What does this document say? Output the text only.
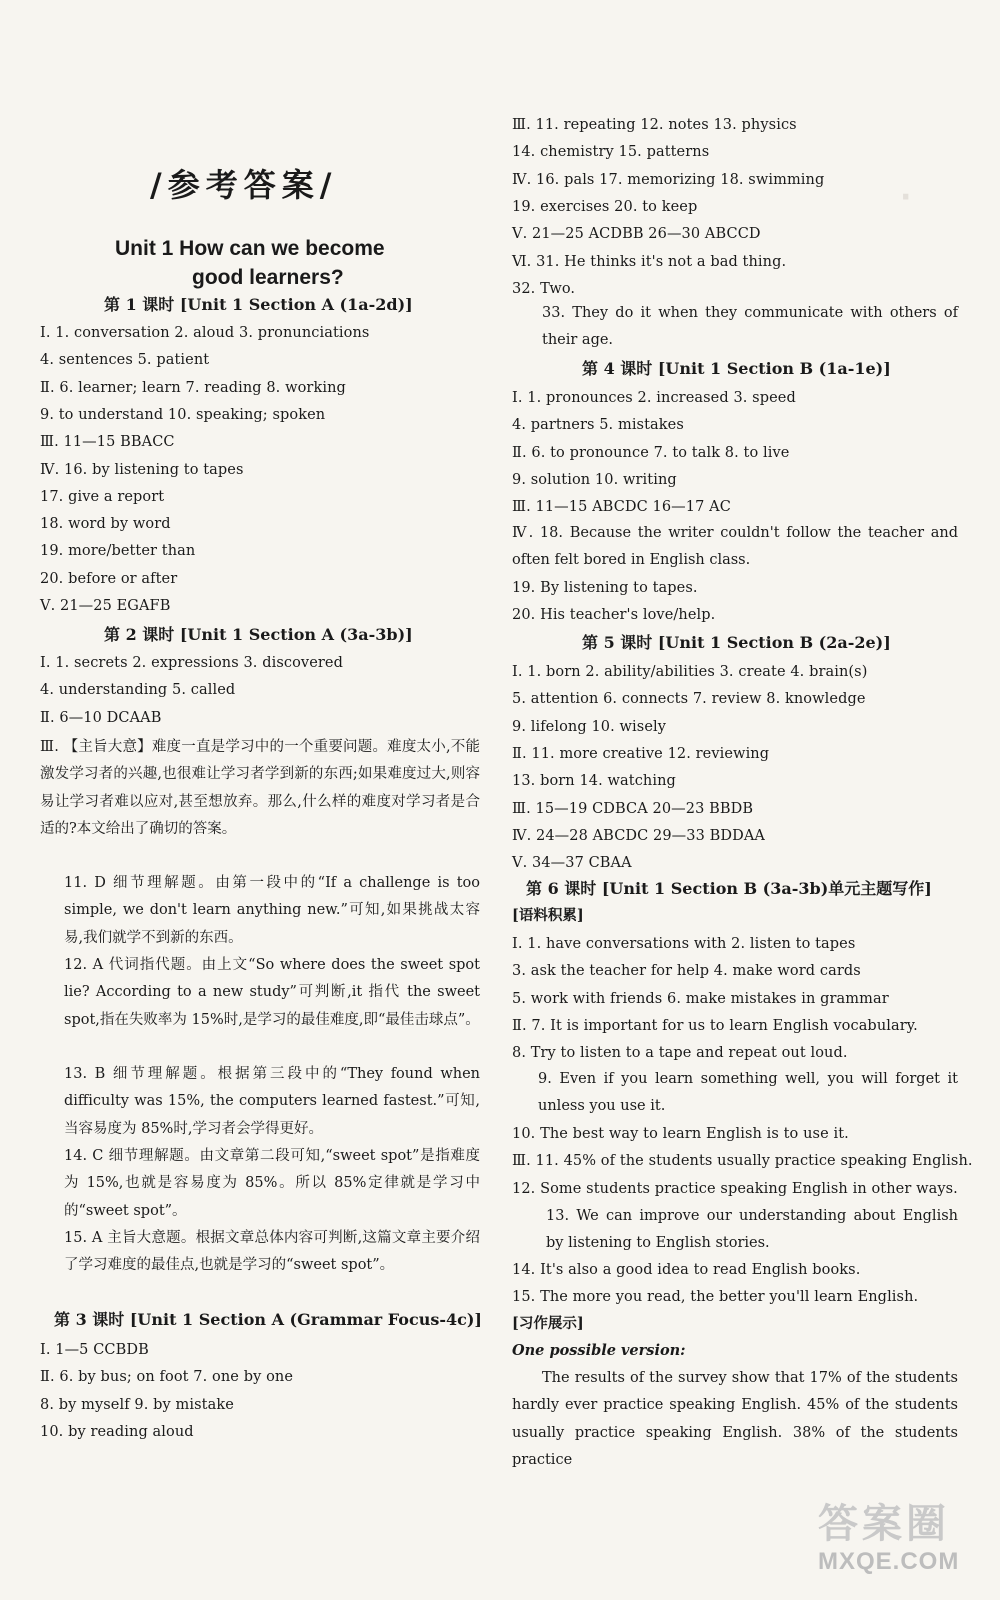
/参考答案/
Unit 1 How can we become
good learners?
第 1 课时 [Unit 1 Section A (1a-2d)]
Ⅰ. 1. conversation 2. aloud 3. pronunciations
4. sentences 5. patient
Ⅱ. 6. learner; learn 7. reading 8. working
9. to understand 10. speaking; spoken
Ⅲ. 11—15 BBACC
Ⅳ. 16. by listening to tapes
17. give a report
18. word by word
19. more/better than
20. before or after
Ⅴ. 21—25 EGAFB
第 2 课时 [Unit 1 Section A (3a-3b)]
Ⅰ. 1. secrets 2. expressions 3. discovered
4. understanding 5. called
Ⅱ. 6—10 DCAAB
Ⅲ. 【主旨大意】难度一直是学习中的一个重要问题。难度太小,不能激发学习者的兴趣,也很难让学习者学到新的东西;如果难度过大,则容易让学习者难以应对,甚至想放弃。那么,什么样的难度对学习者是合适的?本文给出了确切的答案。
11. D 细节理解题。由第一段中的“If a challenge is too simple, we don't learn anything new.”可知,如果挑战太容易,我们就学不到新的东西。
12. A 代词指代题。由上文“So where does the sweet spot lie? According to a new study”可判断,it 指代 the sweet spot,指在失败率为 15%时,是学习的最佳难度,即“最佳击球点”。
13. B 细节理解题。根据第三段中的“They found when difficulty was 15%, the computers learned fastest.”可知,当容易度为 85%时,学习者会学得更好。
14. C 细节理解题。由文章第二段可知,“sweet spot”是指难度为 15%,也就是容易度为 85%。所以 85%定律就是学习中的“sweet spot”。
15. A 主旨大意题。根据文章总体内容可判断,这篇文章主要介绍了学习难度的最佳点,也就是学习的“sweet spot”。
第 3 课时 [Unit 1 Section A (Grammar Focus-4c)]
Ⅰ. 1—5 CCBDB
Ⅱ. 6. by bus; on foot 7. one by one
8. by myself 9. by mistake
10. by reading aloud
Ⅲ. 11. repeating 12. notes 13. physics
14. chemistry 15. patterns
Ⅳ. 16. pals 17. memorizing 18. swimming
19. exercises 20. to keep
Ⅴ. 21—25 ACDBB 26—30 ABCCD
Ⅵ. 31. He thinks it's not a bad thing.
32. Two.
33. They do it when they communicate with others of their age.
第 4 课时 [Unit 1 Section B (1a-1e)]
Ⅰ. 1. pronounces 2. increased 3. speed
4. partners 5. mistakes
Ⅱ. 6. to pronounce 7. to talk 8. to live
9. solution 10. writing
Ⅲ. 11—15 ABCDC 16—17 AC
Ⅳ. 18. Because the writer couldn't follow the teacher and often felt bored in English class.
19. By listening to tapes.
20. His teacher's love/help.
第 5 课时 [Unit 1 Section B (2a-2e)]
Ⅰ. 1. born 2. ability/abilities 3. create 4. brain(s)
5. attention 6. connects 7. review 8. knowledge
9. lifelong 10. wisely
Ⅱ. 11. more creative 12. reviewing
13. born 14. watching
Ⅲ. 15—19 CDBCA 20—23 BBDB
Ⅳ. 24—28 ABCDC 29—33 BDDAA
Ⅴ. 34—37 CBAA
第 6 课时 [Unit 1 Section B (3a-3b)单元主题写作]
[语料积累]
Ⅰ. 1. have conversations with 2. listen to tapes
3. ask the teacher for help 4. make word cards
5. work with friends 6. make mistakes in grammar
Ⅱ. 7. It is important for us to learn English vocabulary.
8. Try to listen to a tape and repeat out loud.
9. Even if you learn something well, you will forget it unless you use it.
10. The best way to learn English is to use it.
Ⅲ. 11. 45% of the students usually practice speaking English.
12. Some students practice speaking English in other ways.
13. We can improve our understanding about English by listening to English stories.
14. It's also a good idea to read English books.
15. The more you read, the better you'll learn English.
[习作展示]
One possible version:
The results of the survey show that 17% of the students hardly ever practice speaking English. 45% of the students usually practice speaking English. 38% of the students practice
·
答案圈
MXQE.COM
